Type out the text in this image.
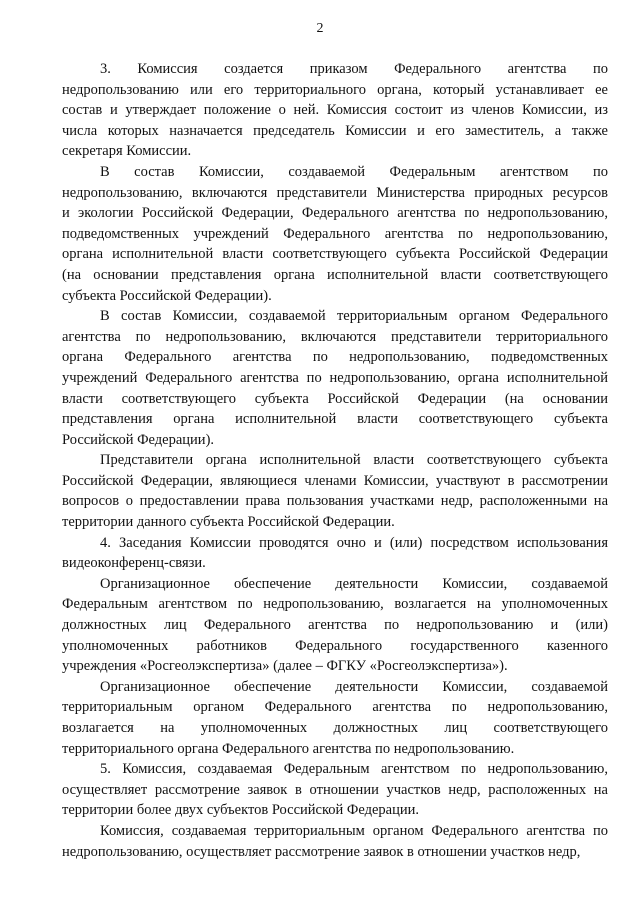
2

3. Комиссия создается приказом Федерального агентства по
недропользованию или его территориального органа, который устанавливает ее
состав и утверждает положение о ней. Комиссия состоит из членов Комиссии, из
числа которых назначается председатель Комиссии и его заместитель, а также
секретаря Комиссии.

В состав Комиссии, создаваемой Федеральным агентством по
недропользованию, включаются представители Министерства природных ресурсов
и экологии Российской Федерации, Федерального агентства по недропользованию,
подведомственных учреждений Федерального агентства по недропользованию,
органа исполнительной власти соответствующего субъекта Российской Федерации
(на основании представления органа исполнительной власти соответствующего
субъекта Российской Федерации).

В состав Комиссии, создаваемой территориальным органом Федерального
агентства по недропользованию, включаются представители территориального
органа Федерального агентства по недропользованию, подведомственных
учреждений Федерального агентства по недропользованию, органа исполнительной
власти соответствующего субъекта Российской Федерации (на основании
представления органа исполнительной власти соответствующего субъекта
Российской Федерации).

Представители органа исполнительной власти соответствующего субъекта
Российской Федерации, являющиеся членами Комиссии, участвуют в рассмотрении
вопросов о предоставлении права пользования участками недр, расположенными на
территории данного субъекта Российской Федерации.

4. Заседания Комиссии проводятся очно и (или) посредством использования
видеоконференц-связи.

Организационное обеспечение деятельности Комиссии, создаваемой
Федеральным агентством по недропользованию, возлагается на уполномоченных
должностных лиц Федерального агентства по недропользованию и (или)
уполномоченных работников Федерального государственного казенного
учреждения «Росгеолэкспертиза» (далее – ФГКУ «Росгеолэкспертиза»).

Организационное обеспечение деятельности Комиссии, создаваемой
территориальным органом Федерального агентства по недропользованию,
возлагается на уполномоченных должностных лиц соответствующего
территориального органа Федерального агентства по недропользованию.

5. Комиссия, создаваемая Федеральным агентством по недропользованию,
осуществляет рассмотрение заявок в отношении участков недр, расположенных на
территории более двух субъектов Российской Федерации.

Комиссия, создаваемая территориальным органом Федерального агентства по
недропользованию, осуществляет рассмотрение заявок в отношении участков недр,
